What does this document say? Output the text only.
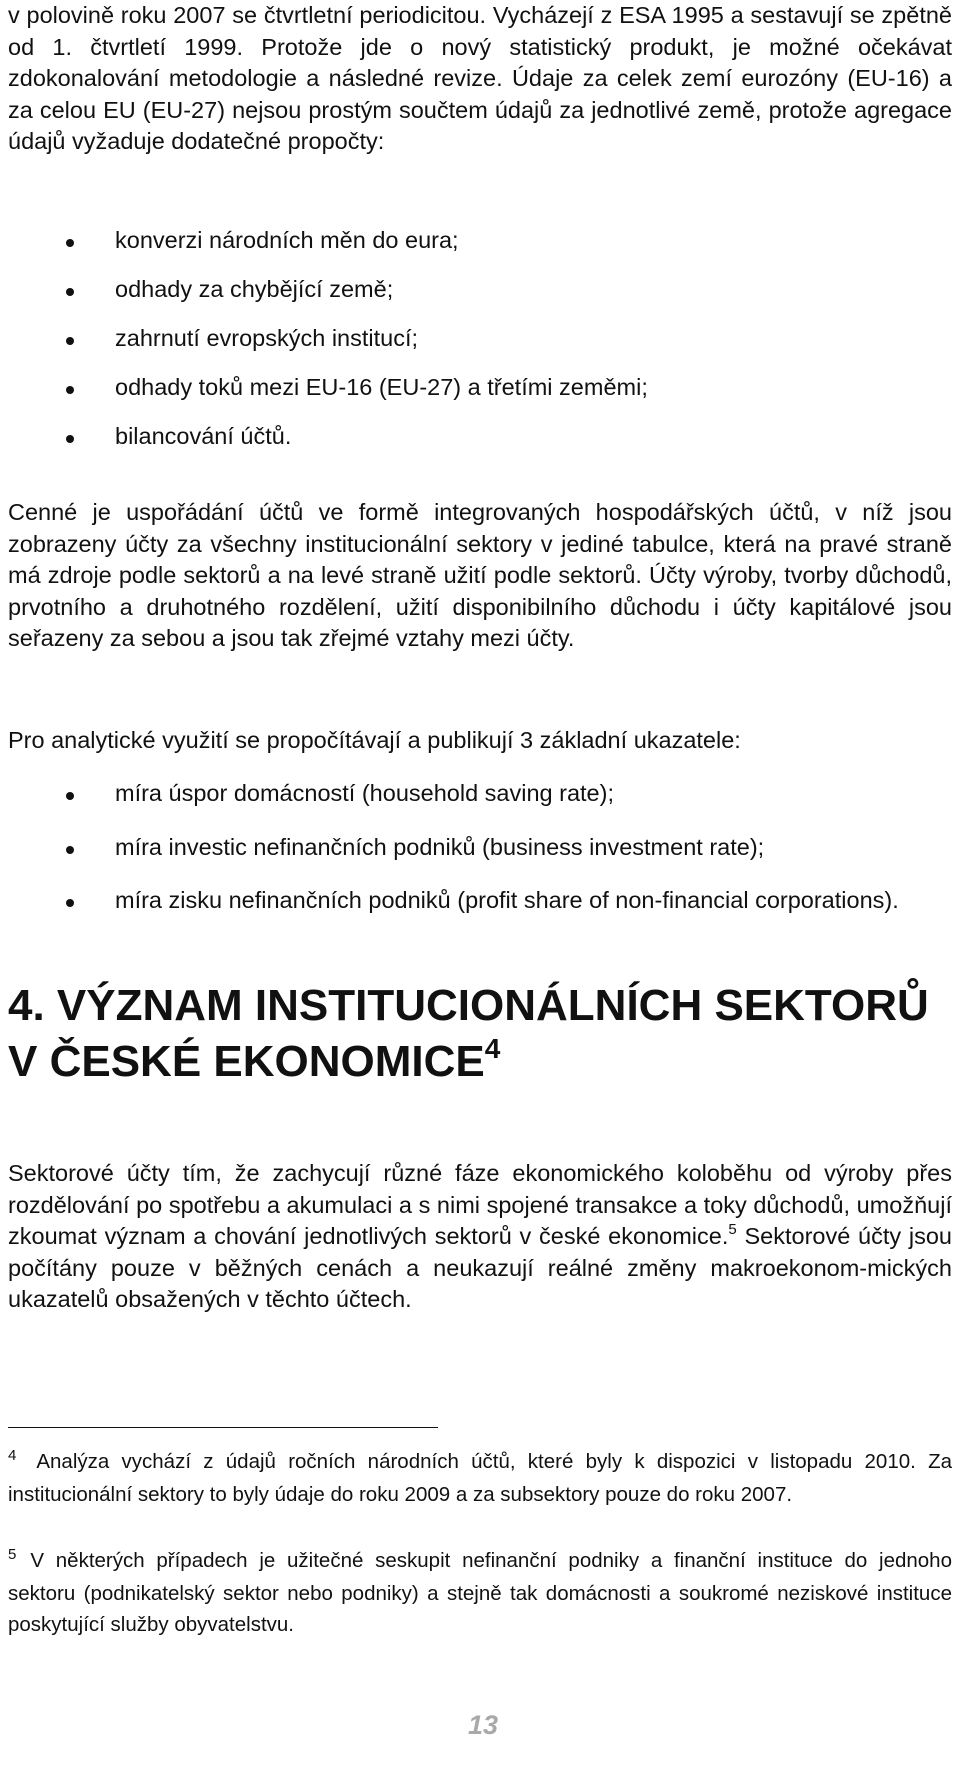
v polovině roku 2007 se čtvrtletní periodicitou. Vycházejí z ESA 1995 a sestavují se zpětně od 1. čtvrtletí 1999. Protože jde o nový statistický produkt, je možné očekávat zdokonalování metodologie a následné revize. Údaje za celek zemí eurozóny (EU-16) a za celou EU (EU-27) nejsou prostým součtem údajů za jednotlivé země, protože agregace údajů vyžaduje dodatečné propočty:

konverzi národních měn do eura;
odhady za chybějící země;
zahrnutí evropských institucí;
odhady toků mezi EU-16 (EU-27) a třetími zeměmi;
bilancování účtů.

Cenné je uspořádání účtů ve formě integrovaných hospodářských účtů, v níž jsou zobrazeny účty za všechny institucionální sektory v jediné tabulce, která na pravé straně má zdroje podle sektorů a na levé straně užití podle sektorů. Účty výroby, tvorby důchodů, prvotního a druhotného rozdělení, užití disponibilního důchodu i účty kapitálové jsou seřazeny za sebou a jsou tak zřejmé vztahy mezi účty.

Pro analytické využití se propočítávají a publikují 3 základní ukazatele:

míra úspor domácností (household saving rate);
míra investic nefinančních podniků (business investment rate);
míra zisku nefinančních podniků (profit share of non-financial corporations).
4. VÝZNAM INSTITUCIONÁLNÍCH SEKTORŮ V ČESKÉ EKONOMICE$^4$

Sektorové účty tím, že zachycují různé fáze ekonomického koloběhu od výroby přes rozdělování po spotřebu a akumulaci a s nimi spojené transakce a toky důchodů, umožňují zkoumat význam a chování jednotlivých sektorů v české ekonomice.$^5$ Sektorové účty jsou počítány pouze v běžných cenách a neukazují reálné změny makroekonom-mických ukazatelů obsažených v těchto účtech.

$^4$ Analýza vychází z údajů ročních národních účtů, které byly k dispozici v listopadu 2010. Za institucionální sektory to byly údaje do roku 2009 a za subsektory pouze do roku 2007.

$^5$ V některých případech je užitečné seskupit nefinanční podniky a finanční instituce do jednoho sektoru (podnikatelský sektor nebo podniky) a stejně tak domácnosti a soukromé neziskové instituce poskytující služby obyvatelstvu.

13
